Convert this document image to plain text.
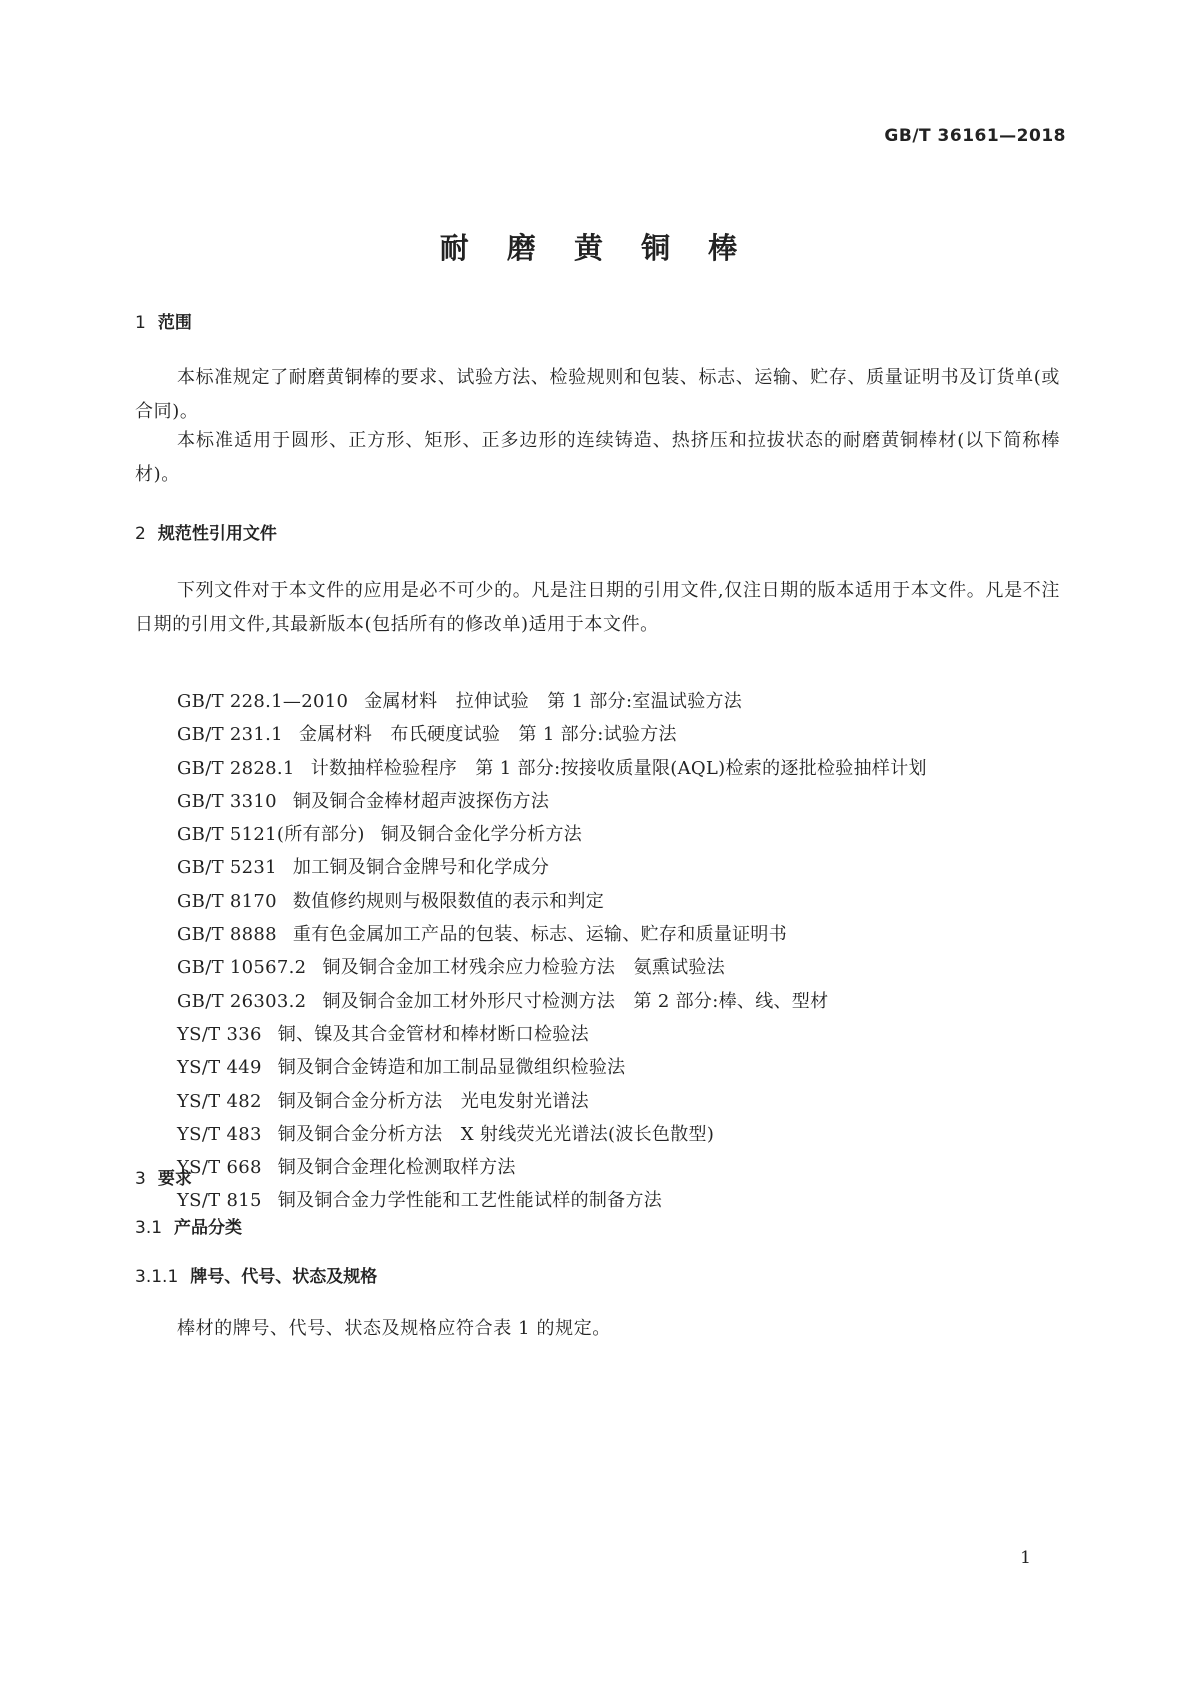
GB/T 36161—2018
耐 磨 黄 铜 棒
1 范围
本标准规定了耐磨黄铜棒的要求、试验方法、检验规则和包装、标志、运输、贮存、质量证明书及订货单(或合同)。
本标准适用于圆形、正方形、矩形、正多边形的连续铸造、热挤压和拉拔状态的耐磨黄铜棒材(以下简称棒材)。
2 规范性引用文件
下列文件对于本文件的应用是必不可少的。凡是注日期的引用文件,仅注日期的版本适用于本文件。凡是不注日期的引用文件,其最新版本(包括所有的修改单)适用于本文件。
GB/T 228.1—2010 金属材料　拉伸试验　第 1 部分:室温试验方法
GB/T 231.1 金属材料　布氏硬度试验　第 1 部分:试验方法
GB/T 2828.1 计数抽样检验程序　第 1 部分:按接收质量限(AQL)检索的逐批检验抽样计划
GB/T 3310 铜及铜合金棒材超声波探伤方法
GB/T 5121(所有部分) 铜及铜合金化学分析方法
GB/T 5231 加工铜及铜合金牌号和化学成分
GB/T 8170 数值修约规则与极限数值的表示和判定
GB/T 8888 重有色金属加工产品的包装、标志、运输、贮存和质量证明书
GB/T 10567.2 铜及铜合金加工材残余应力检验方法　氨熏试验法
GB/T 26303.2 铜及铜合金加工材外形尺寸检测方法　第 2 部分:棒、线、型材
YS/T 336 铜、镍及其合金管材和棒材断口检验法
YS/T 449 铜及铜合金铸造和加工制品显微组织检验法
YS/T 482 铜及铜合金分析方法　光电发射光谱法
YS/T 483 铜及铜合金分析方法　X 射线荧光光谱法(波长色散型)
YS/T 668 铜及铜合金理化检测取样方法
YS/T 815 铜及铜合金力学性能和工艺性能试样的制备方法
3 要求
3.1 产品分类
3.1.1 牌号、代号、状态及规格
棒材的牌号、代号、状态及规格应符合表 1 的规定。
1
